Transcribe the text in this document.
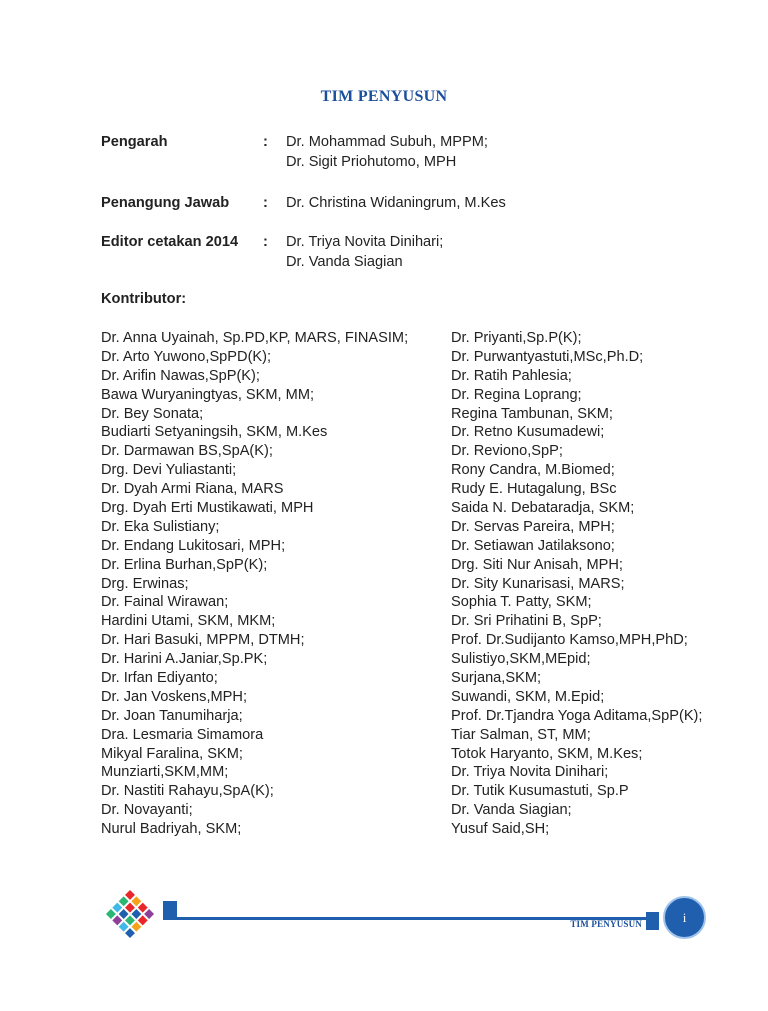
TIM PENYUSUN
Pengarah	: Dr. Mohammad Subuh, MPPM;
Dr. Sigit Priohutomo, MPH
Penangung Jawab : Dr. Christina Widaningrum, M.Kes
Editor cetakan 2014 : Dr. Triya Novita Dinihari;
Dr. Vanda Siagian
Kontributor:
Dr. Anna Uyainah, Sp.PD,KP, MARS, FINASIM;
Dr. Arto Yuwono,SpPD(K);
Dr. Arifin Nawas,SpP(K);
Bawa Wuryaningtyas, SKM, MM;
Dr. Bey Sonata;
Budiarti Setyaningsih, SKM, M.Kes
Dr. Darmawan BS,SpA(K);
Drg. Devi Yuliastanti;
Dr. Dyah Armi Riana, MARS
Drg. Dyah Erti Mustikawati, MPH
Dr. Eka Sulistiany;
Dr. Endang Lukitosari, MPH;
Dr. Erlina Burhan,SpP(K);
Drg. Erwinas;
Dr. Fainal Wirawan;
Hardini Utami, SKM, MKM;
Dr. Hari Basuki, MPPM, DTMH;
Dr. Harini A.Janiar,Sp.PK;
Dr. Irfan Ediyanto;
Dr. Jan Voskens,MPH;
Dr. Joan Tanumiharja;
Dra. Lesmaria Simamora
Mikyal Faralina, SKM;
Munziarti,SKM,MM;
Dr. Nastiti Rahayu,SpA(K);
Dr. Novayanti;
Nurul Badriyah, SKM;
Dr. Priyanti,Sp.P(K);
Dr. Purwantyastuti,MSc,Ph.D;
Dr. Ratih Pahlesia;
Dr. Regina Loprang;
Regina Tambunan, SKM;
Dr. Retno Kusumadewi;
Dr. Reviono,SpP;
Rony Candra, M.Biomed;
Rudy E. Hutagalung, BSc
Saida N. Debataradja, SKM;
Dr. Servas Pareira, MPH;
Dr. Setiawan Jatilaksono;
Drg. Siti Nur Anisah, MPH;
Dr. Sity Kunarisasi, MARS;
Sophia T. Patty, SKM;
Dr. Sri Prihatini B, SpP;
Prof. Dr.Sudijanto Kamso,MPH,PhD;
Sulistiyo,SKM,MEpid;
Surjana,SKM;
Suwandi, SKM, M.Epid;
Prof. Dr.Tjandra Yoga Aditama,SpP(K);
Tiar Salman, ST, MM;
Totok Haryanto, SKM, M.Kes;
Dr. Triya Novita Dinihari;
Dr. Tutik Kusumastuti, Sp.P
Dr. Vanda Siagian;
Yusuf Said,SH;
TIM PENYUSUN	i
